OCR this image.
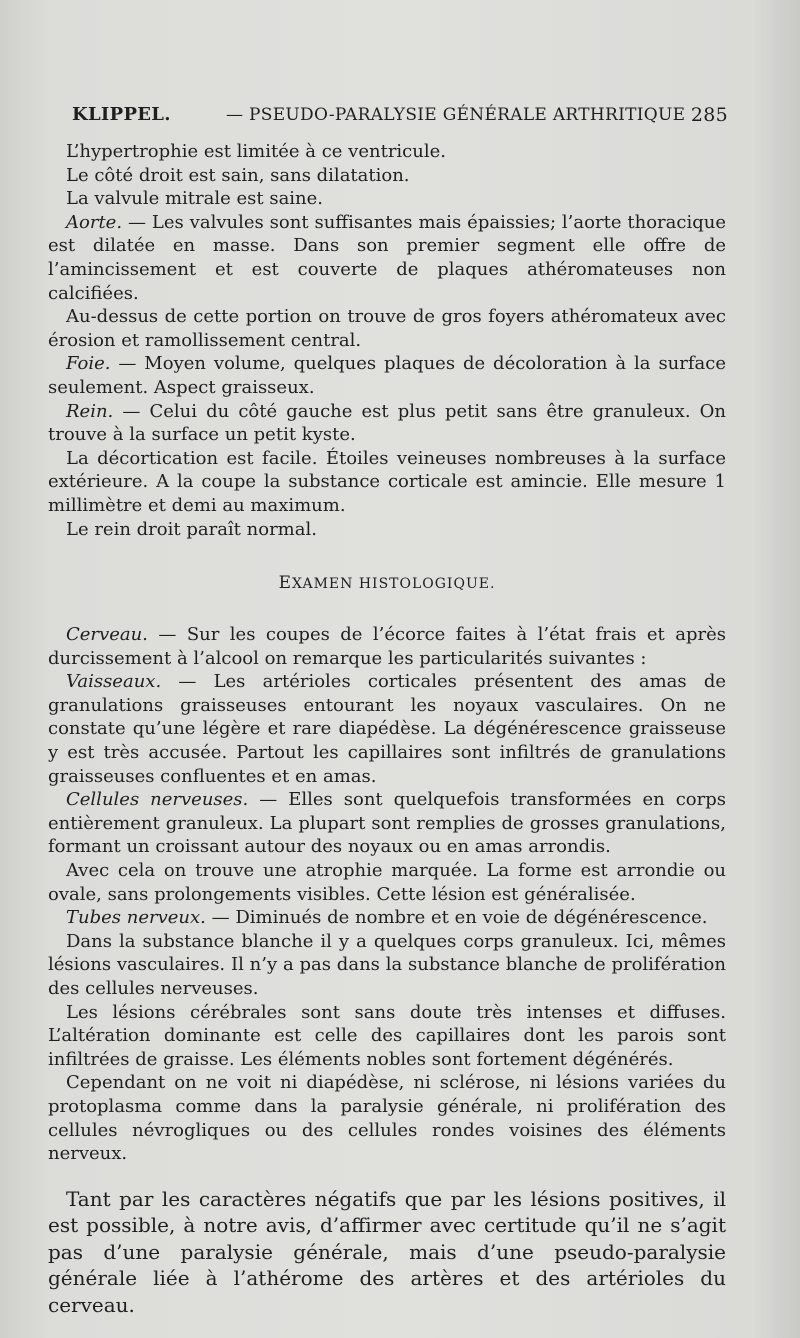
KLIPPEL.	— PSEUDO-PARALYSIE GÉNÉRALE ARTHRITIQUE 285

L’hypertrophie est limitée à ce ventricule.

Le côté droit est sain, sans dilatation.

La valvule mitrale est saine.

Aorte. — Les valvules sont suffisantes mais épaissies; l’aorte thoracique est dilatée en masse. Dans son premier segment elle offre de l’amincissement et est couverte de plaques athéromateuses non calcifiées.

Au-dessus de cette portion on trouve de gros foyers athéromateux avec érosion et ramollissement central.

Foie. — Moyen volume, quelques plaques de décoloration à la surface seulement. Aspect graisseux.

Rein. — Celui du côté gauche est plus petit sans être granuleux. On trouve à la surface un petit kyste.

La décortication est facile. Étoiles veineuses nombreuses à la surface extérieure. A la coupe la substance corticale est amincie. Elle mesure 1 millimètre et demi au maximum.

Le rein droit paraît normal.

EXAMEN HISTOLOGIQUE.

Cerveau. — Sur les coupes de l’écorce faites à l’état frais et après durcissement à l’alcool on remarque les particularités suivantes :

Vaisseaux. — Les artérioles corticales présentent des amas de granulations graisseuses entourant les noyaux vasculaires. On ne constate qu’une légère et rare diapédèse. La dégénérescence graisseuse y est très accusée. Partout les capillaires sont infiltrés de granulations graisseuses confluentes et en amas.

Cellules nerveuses. — Elles sont quelquefois transformées en corps entièrement granuleux. La plupart sont remplies de grosses granulations, formant un croissant autour des noyaux ou en amas arrondis.

Avec cela on trouve une atrophie marquée. La forme est arrondie ou ovale, sans prolongements visibles. Cette lésion est généralisée.

Tubes nerveux. — Diminués de nombre et en voie de dégénérescence.

Dans la substance blanche il y a quelques corps granuleux. Ici, mêmes lésions vasculaires. Il n’y a pas dans la substance blanche de prolifération des cellules nerveuses.

Les lésions cérébrales sont sans doute très intenses et diffuses. L’altération dominante est celle des capillaires dont les parois sont infiltrées de graisse. Les éléments nobles sont fortement dégénérés.

Cependant on ne voit ni diapédèse, ni sclérose, ni lésions variées du protoplasma comme dans la paralysie générale, ni prolifération des cellules névrogliques ou des cellules rondes voisines des éléments nerveux.

Tant par les caractères négatifs que par les lésions positives, il est possible, à notre avis, d’affirmer avec certitude qu’il ne s’agit pas d’une paralysie générale, mais d’une pseudo-paralysie générale liée à l’athérome des artères et des artérioles du cerveau.
